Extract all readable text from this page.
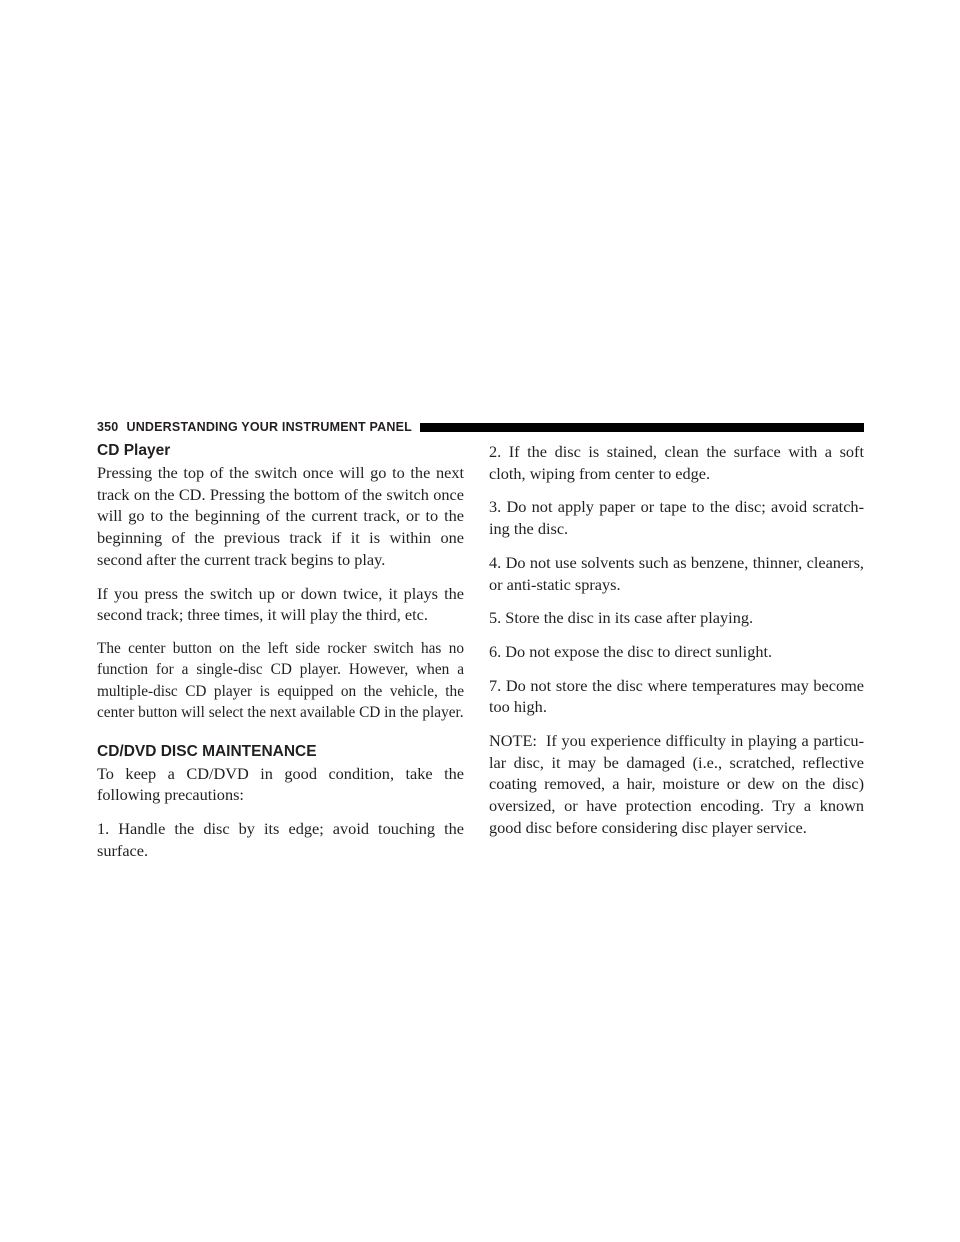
350 UNDERSTANDING YOUR INSTRUMENT PANEL
CD Player

Pressing the top of the switch once will go to the next track on the CD. Pressing the bottom of the switch once will go to the beginning of the current track, or to the beginning of the previous track if it is within one second after the current track begins to play.

If you press the switch up or down twice, it plays the second track; three times, it will play the third, etc.

The center button on the left side rocker switch has no function for a single-disc CD player. However, when a multiple-disc CD player is equipped on the vehicle, the center button will select the next available CD in the player.

CD/DVD DISC MAINTENANCE

To keep a CD/DVD in good condition, take the following precautions:

1. Handle the disc by its edge; avoid touching the surface.

2. If the disc is stained, clean the surface with a soft cloth, wiping from center to edge.

3. Do not apply paper or tape to the disc; avoid scratching the disc.

4. Do not use solvents such as benzene, thinner, cleaners, or anti-static sprays.

5. Store the disc in its case after playing.

6. Do not expose the disc to direct sunlight.

7. Do not store the disc where temperatures may become too high.

NOTE: If you experience difficulty in playing a particular disc, it may be damaged (i.e., scratched, reflective coating removed, a hair, moisture or dew on the disc) oversized, or have protection encoding. Try a known good disc before considering disc player service.
